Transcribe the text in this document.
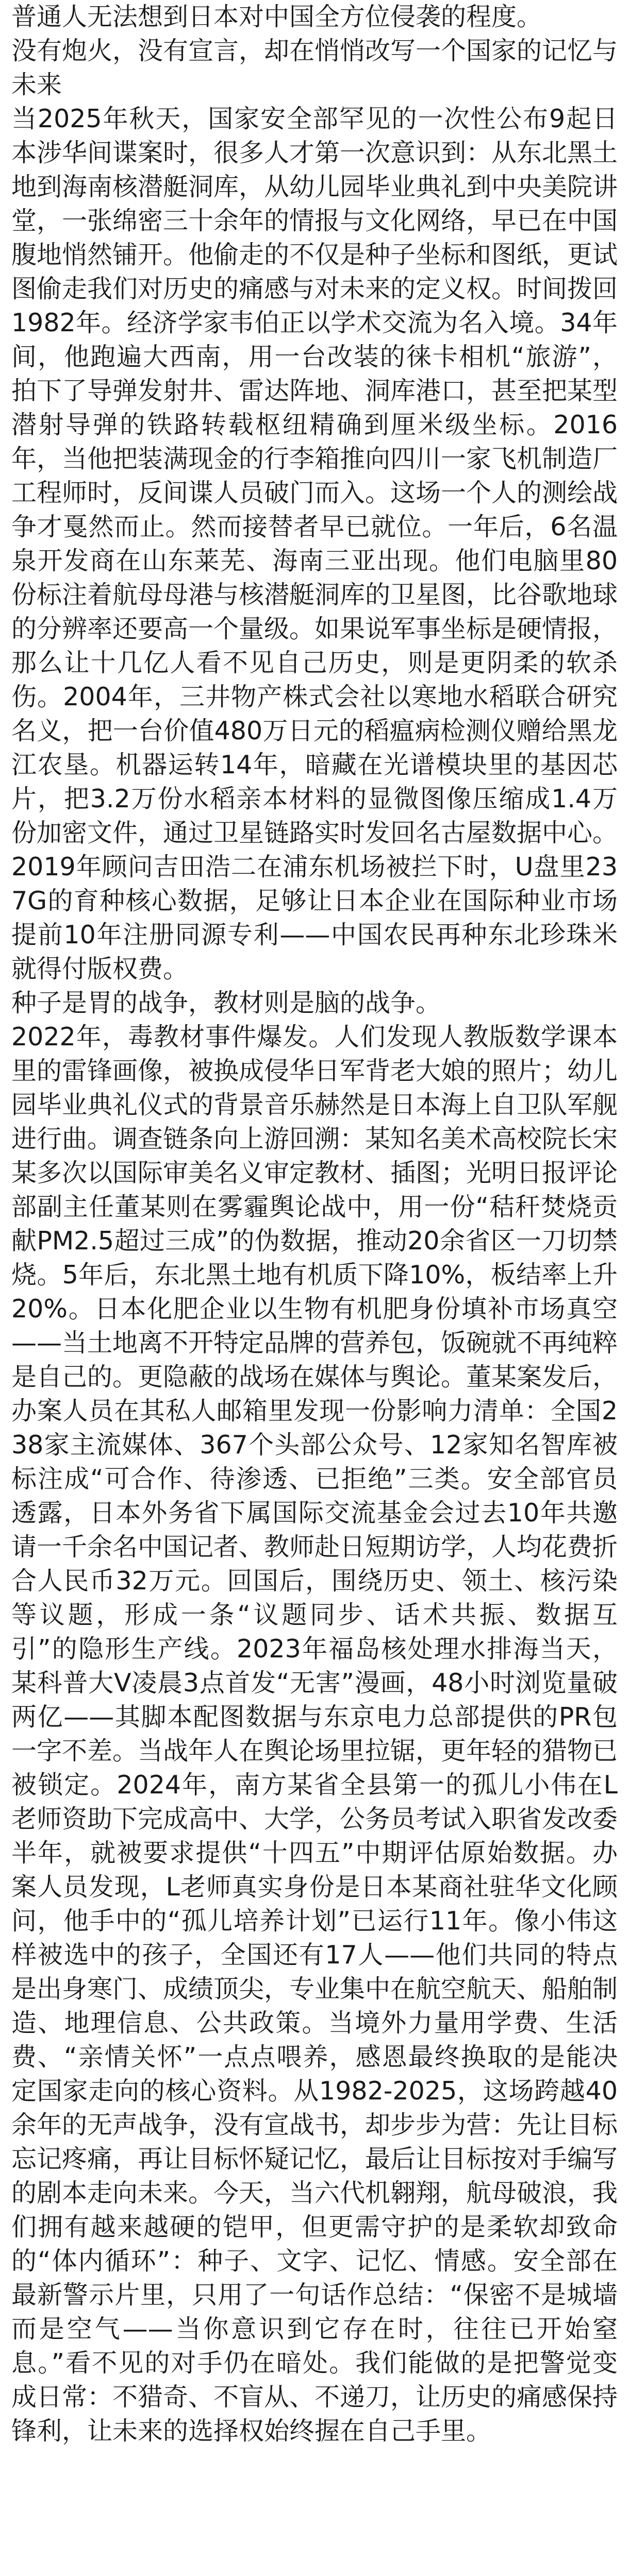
普通人无法想到日本对中国全方位侵袭的程度。

没有炮火，没有宣言，却在悄悄改写一个国家的记忆与未来

当2025年秋天，国家安全部罕见的一次性公布9起日本涉华间谍案时，很多人才第一次意识到：从东北黑土地到海南核潜艇洞库，从幼儿园毕业典礼到中央美院讲堂，一张绵密三十余年的情报与文化网络，早已在中国腹地悄然铺开。他偷走的不仅是种子坐标和图纸，更试图偷走我们对历史的痛感与对未来的定义权。时间拨回1982年。经济学家韦伯正以学术交流为名入境。34年间，他跑遍大西南，用一台改装的徕卡相机“旅游”，拍下了导弹发射井、雷达阵地、洞库港口，甚至把某型潜射导弹的铁路转载枢纽精确到厘米级坐标。2016年，当他把装满现金的行李箱推向四川一家飞机制造厂工程师时，反间谍人员破门而入。这场一个人的测绘战争才戛然而止。然而接替者早已就位。一年后，6名温泉开发商在山东莱芜、海南三亚出现。他们电脑里80份标注着航母母港与核潜艇洞库的卫星图，比谷歌地球的分辨率还要高一个量级。如果说军事坐标是硬情报，那么让十几亿人看不见自己历史，则是更阴柔的软杀伤。2004年，三井物产株式会社以寒地水稻联合研究名义，把一台价值480万日元的稻瘟病检测仪赠给黑龙江农垦。机器运转14年，暗藏在光谱模块里的基因芯片，把3.2万份水稻亲本材料的显微图像压缩成1.4万份加密文件，通过卫星链路实时发回名古屋数据中心。2019年顾问吉田浩二在浦东机场被拦下时，U盘里237G的育种核心数据，足够让日本企业在国际种业市场提前10年注册同源专利——中国农民再种东北珍珠米就得付版权费。

种子是胃的战争，教材则是脑的战争。

2022年，毒教材事件爆发。人们发现人教版数学课本里的雷锋画像，被换成侵华日军背老大娘的照片；幼儿园毕业典礼仪式的背景音乐赫然是日本海上自卫队军舰进行曲。调查链条向上游回溯：某知名美术高校院长宋某多次以国际审美名义审定教材、插图；光明日报评论部副主任董某则在雾霾舆论战中，用一份“秸秆焚烧贡献PM2.5超过三成”的伪数据，推动20余省区一刀切禁烧。5年后，东北黑土地有机质下降10%，板结率上升20%。日本化肥企业以生物有机肥身份填补市场真空——当土地离不开特定品牌的营养包，饭碗就不再纯粹是自己的。更隐蔽的战场在媒体与舆论。董某案发后，办案人员在其私人邮箱里发现一份影响力清单：全国238家主流媒体、367个头部公众号、12家知名智库被标注成“可合作、待渗透、已拒绝”三类。安全部官员透露，日本外务省下属国际交流基金会过去10年共邀请一千余名中国记者、教师赴日短期访学，人均花费折合人民币32万元。回国后，围绕历史、领土、核污染等议题，形成一条“议题同步、话术共振、数据互引”的隐形生产线。2023年福岛核处理水排海当天，某科普大V凌晨3点首发“无害”漫画，48小时浏览量破两亿——其脚本配图数据与东京电力总部提供的PR包一字不差。当战年人在舆论场里拉锯，更年轻的猎物已被锁定。2024年，南方某省全县第一的孤儿小伟在L老师资助下完成高中、大学，公务员考试入职省发改委半年，就被要求提供“十四五”中期评估原始数据。办案人员发现，L老师真实身份是日本某商社驻华文化顾问，他手中的“孤儿培养计划”已运行11年。像小伟这样被选中的孩子，全国还有17人——他们共同的特点是出身寒门、成绩顶尖，专业集中在航空航天、船舶制造、地理信息、公共政策。当境外力量用学费、生活费、“亲情关怀”一点点喂养，感恩最终换取的是能决定国家走向的核心资料。从1982-2025，这场跨越40余年的无声战争，没有宣战书，却步步为营：先让目标忘记疼痛，再让目标怀疑记忆，最后让目标按对手编写的剧本走向未来。今天，当六代机翱翔，航母破浪，我们拥有越来越硬的铠甲，但更需守护的是柔软却致命的“体内循环”：种子、文字、记忆、情感。安全部在最新警示片里，只用了一句话作总结：“保密不是城墙而是空气——当你意识到它存在时，往往已开始窒息。”看不见的对手仍在暗处。我们能做的是把警觉变成日常：不猎奇、不盲从、不递刀，让历史的痛感保持锋利，让未来的选择权始终握在自己手里。
